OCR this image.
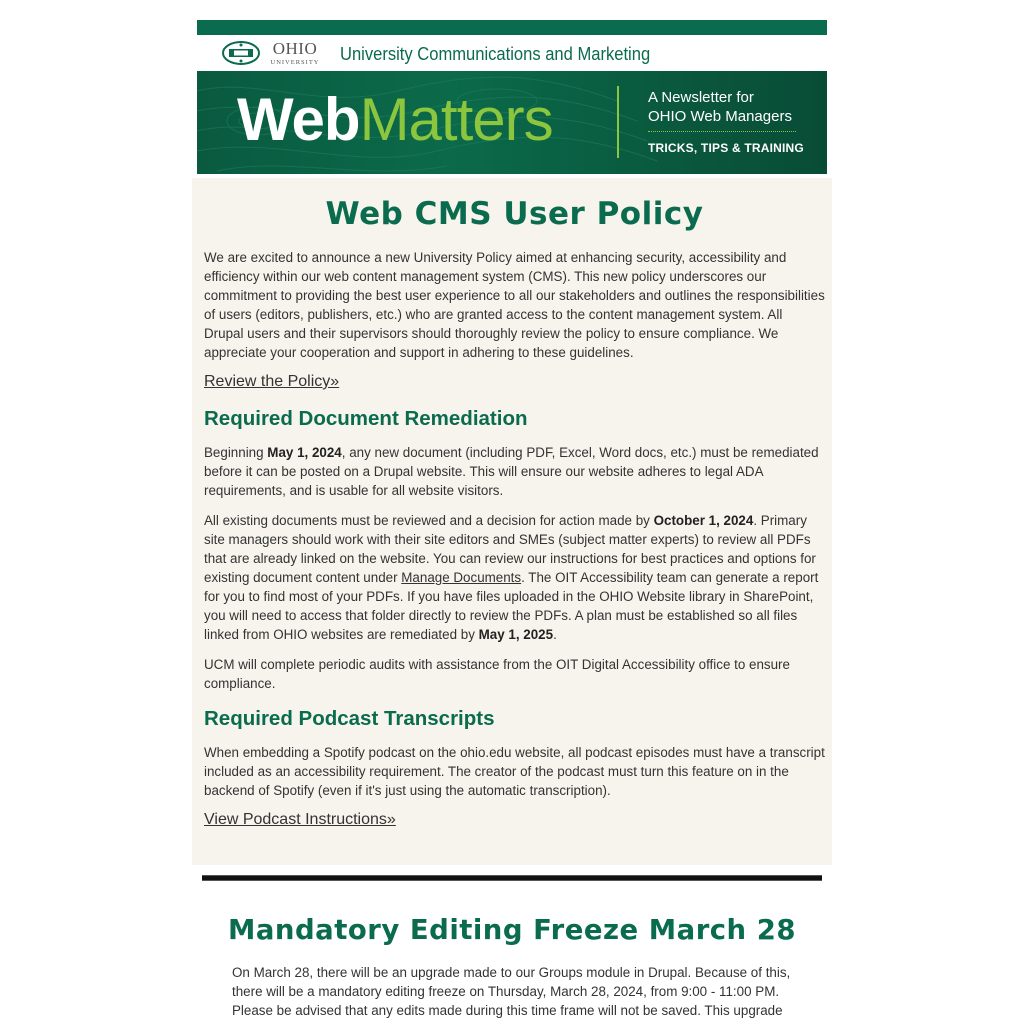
OHIO
UNIVERSITY University Communications and Marketing
WebMatters	A Newsletter for
OHIO Web Managers
TRICKS, TIPS & TRAINING
Web CMS User Policy

We are excited to announce a new University Policy aimed at enhancing security, accessibility and efficiency within our web content management system (CMS). This new policy underscores our commitment to providing the best user experience to all our stakeholders and outlines the responsibilities of users (editors, publishers, etc.) who are granted access to the content management system. All Drupal users and their supervisors should thoroughly review the policy to ensure compliance. We appreciate your cooperation and support in adhering to these guidelines.

Review the Policy»
Required Document Remediation

Beginning May 1, 2024, any new document (including PDF, Excel, Word docs, etc.) must be remediated before it can be posted on a Drupal website. This will ensure our website adheres to legal ADA requirements, and is usable for all website visitors.

All existing documents must be reviewed and a decision for action made by October 1, 2024. Primary site managers should work with their site editors and SMEs (subject matter experts) to review all PDFs that are already linked on the website. You can review our instructions for best practices and options for existing document content under Manage Documents. The OIT Accessibility team can generate a report for you to find most of your PDFs. If you have files uploaded in the OHIO Website library in SharePoint, you will need to access that folder directly to review the PDFs. A plan must be established so all files linked from OHIO websites are remediated by May 1, 2025.

UCM will complete periodic audits with assistance from the OIT Digital Accessibility office to ensure compliance.

Required Podcast Transcripts

When embedding a Spotify podcast on the ohio.edu website, all podcast episodes must have a transcript included as an accessibility requirement. The creator of the podcast must turn this feature on in the backend of Spotify (even if it's just using the automatic transcription).

View Podcast Instructions»
Mandatory Editing Freeze March 28

On March 28, there will be an upgrade made to our Groups module in Drupal. Because of this, there will be a mandatory editing freeze on Thursday, March 28, 2024, from 9:00 - 11:00 PM. Please be advised that any edits made during this time frame will not be saved. This upgrade
